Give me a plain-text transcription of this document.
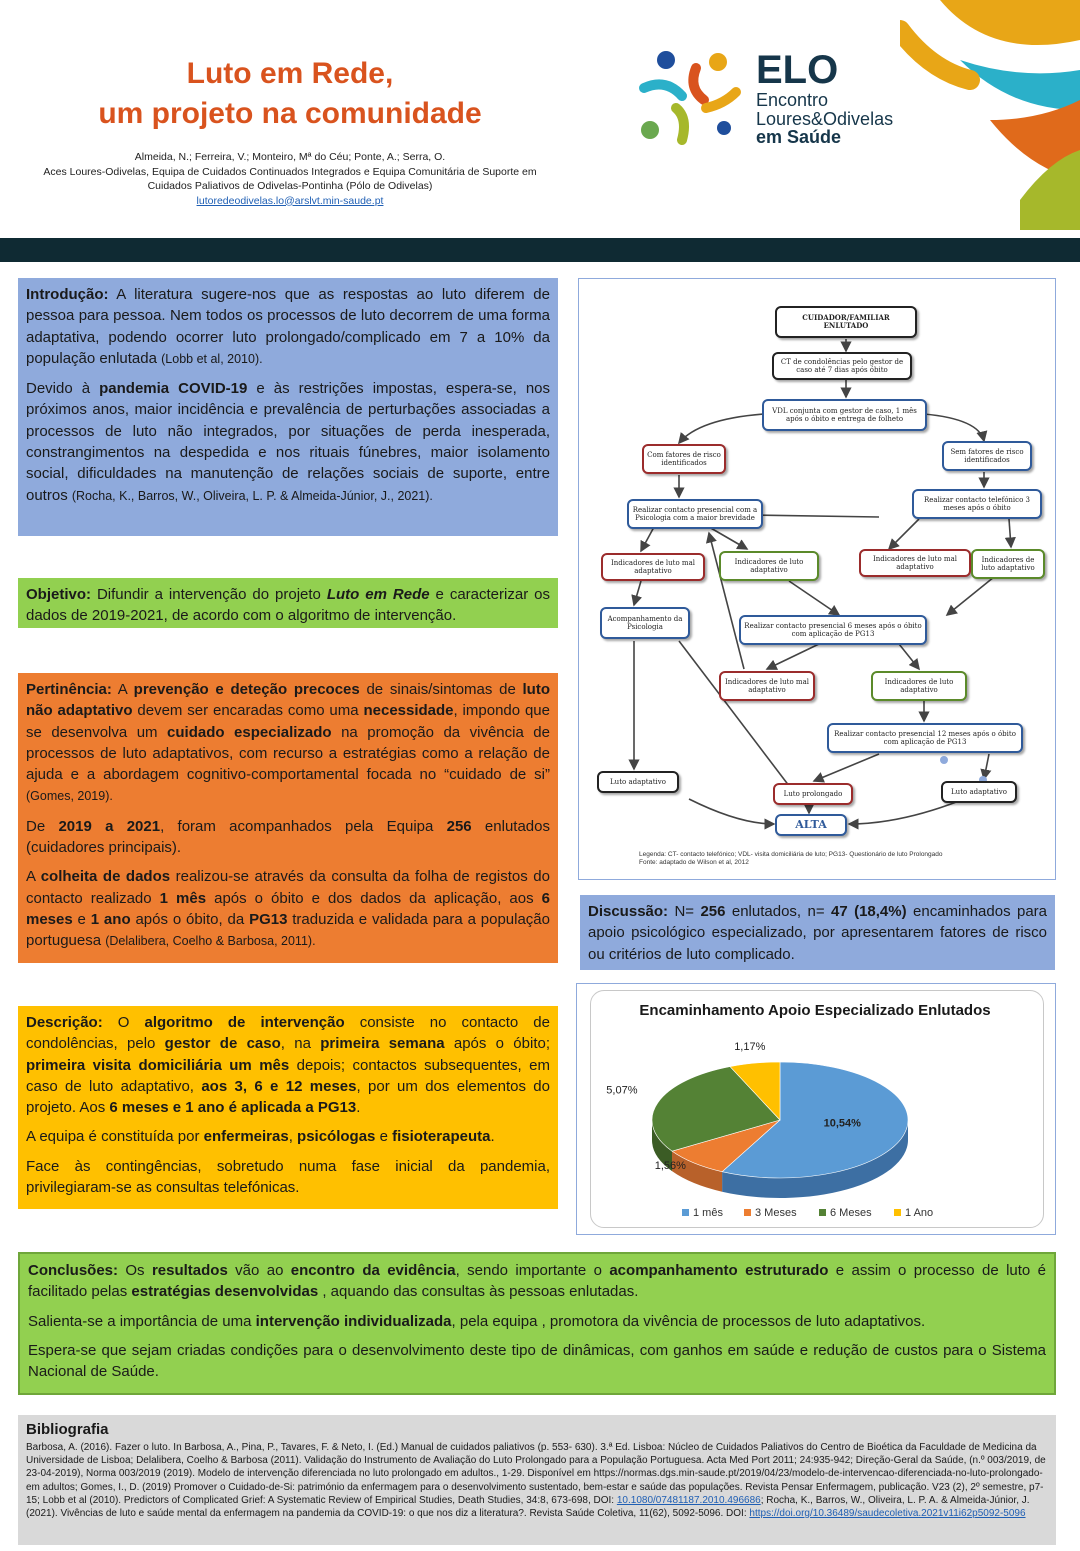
Luto em Rede,
um projeto na comunidade
Almeida, N.; Ferreira, V.; Monteiro, Mª do Céu; Ponte, A.; Serra, O.
Aces Loures-Odivelas, Equipa de Cuidados Continuados Integrados e Equipa Comunitária de Suporte em Cuidados Paliativos de Odivelas-Pontinha (Pólo de Odivelas)
lutoredeodivelas.lo@arslvt.min-saude.pt
ELO
Encontro
Loures&Odivelas
em Saúde

Introdução: A literatura sugere-nos que as respostas ao luto diferem de pessoa para pessoa. Nem todos os processos de luto decorrem de uma forma adaptativa, podendo ocorrer luto prolongado/complicado em 7 a 10% da população enlutada (Lobb et al, 2010).

Devido à pandemia COVID-19 e às restrições impostas, espera-se, nos próximos anos, maior incidência e prevalência de perturbações associadas a processos de luto não integrados, por situações de perda inesperada, constrangimentos na despedida e nos rituais fúnebres, maior isolamento social, dificuldades na manutenção de relações sociais de suporte, entre outros (Rocha, K., Barros, W., Oliveira, L. P. & Almeida-Júnior, J., 2021).

Objetivo: Difundir a intervenção do projeto Luto em Rede e caracterizar os dados de 2019-2021, de acordo com o algoritmo de intervenção.

Pertinência: A prevenção e deteção precoces de sinais/sintomas de luto não adaptativo devem ser encaradas como uma necessidade, impondo que se desenvolva um cuidado especializado na promoção da vivência de processos de luto adaptativos, com recurso a estratégias como a relação de ajuda e a abordagem cognitivo-comportamental focada no “cuidado de si” (Gomes, 2019).

De 2019 a 2021, foram acompanhados pela Equipa 256 enlutados (cuidadores principais).

A colheita de dados realizou-se através da consulta da folha de registos do contacto realizado 1 mês após o óbito e dos dados da aplicação, aos 6 meses e 1 ano após o óbito, da PG13 traduzida e validada para a população portuguesa (Delalibera, Coelho & Barbosa, 2011).

Descrição: O algoritmo de intervenção consiste no contacto de condolências, pelo gestor de caso, na primeira semana após o óbito; primeira visita domiciliária um mês depois; contactos subsequentes, em caso de luto adaptativo, aos 3, 6 e 12 meses, por um dos elementos do projeto. Aos 6 meses e 1 ano é aplicada a PG13.

A equipa é constituída por enfermeiras, psicólogas e fisioterapeuta.

Face às contingências, sobretudo numa fase inicial da pandemia, privilegiaram-se as consultas telefónicas.

CUIDADOR/FAMILIAR ENLUTADO
CT de condolências pelo gestor de caso até 7 dias após óbito
VDL conjunta com gestor de caso, 1 mês após o óbito e entrega de folheto
Com fatores de risco identificados
Sem fatores de risco identificados
Realizar contacto presencial com a Psicologia com a maior brevidade
Realizar contacto telefónico 3 meses após o óbito
Indicadores de luto mal adaptativo
Indicadores de luto adaptativo
Indicadores de luto mal adaptativo
Indicadores de luto adaptativo
Acompanhamento da Psicologia	Realizar contacto presencial 6 meses após o óbito com aplicação de PG13
Indicadores de luto mal adaptativo
Indicadores de luto adaptativo
Realizar contacto presencial 12 meses após o óbito com aplicação de PG13
Luto adaptativo
Luto prolongado	Luto adaptativo
ALTA
Legenda: CT- contacto telefónico; VDL- visita domiciliária de luto; PG13- Questionário de luto Prolongado
Fonte: adaptado de Wilson et al, 2012

Discussão: N= 256 enlutados, n= 47 (18,4%) encaminhados para apoio psicológico especializado, por apresentarem fatores de risco ou critérios de luto complicado.

Encaminhamento Apoio Especializado Enlutados
10,54%
1,56%
5,07%
1,17%
1 mês	3 Meses	6 Meses	1 Ano

Conclusões: Os resultados vão ao encontro da evidência, sendo importante o acompanhamento estruturado e assim o processo de luto é facilitado pelas estratégias desenvolvidas , aquando das consultas às pessoas enlutadas.

Salienta-se a importância de uma intervenção individualizada, pela equipa , promotora da vivência de processos de luto adaptativos.

Espera-se que sejam criadas condições para o desenvolvimento deste tipo de dinâmicas, com ganhos em saúde e redução de custos para o Sistema Nacional de Saúde.

Bibliografia
Barbosa, A. (2016). Fazer o luto. In Barbosa, A., Pina, P., Tavares, F. & Neto, I. (Ed.) Manual de cuidados paliativos (p. 553- 630). 3.ª Ed. Lisboa: Núcleo de Cuidados Paliativos do Centro de Bioética da Faculdade de Medicina da Universidade de Lisboa; Delalibera, Coelho & Barbosa (2011). Validação do Instrumento de Avaliação do Luto Prolongado para a População Portuguesa. Acta Med Port 2011; 24:935-942; Direção-Geral da Saúde, (n.º 003/2019, de 23-04-2019), Norma 003/2019 (2019). Modelo de intervenção diferenciada no luto prolongado em adultos., 1-29. Disponível em https://normas.dgs.min-saude.pt/2019/04/23/modelo-de-intervencao-diferenciada-no-luto-prolongado-em adultos; Gomes, I., D. (2019) Promover o Cuidado-de-Si: património da enfermagem para o desenvolvimento sustentado, bem-estar e saúde das populações. Revista Pensar Enfermagem, publicação. V23 (2), 2º semestre, p7-15; Lobb et al (2010). Predictors of Complicated Grief: A Systematic Review of Empirical Studies, Death Studies, 34:8, 673-698, DOI: 10.1080/07481187.2010.496686; Rocha, K., Barros, W., Oliveira, L. P. A. & Almeida-Júnior, J. (2021). Vivências de luto e saúde mental da enfermagem na pandemia da COVID-19: o que nos diz a literatura?. Revista Saúde Coletiva, 11(62), 5092-5096. DOI: https://doi.org/10.36489/saudecoletiva.2021v11i62p5092-5096
